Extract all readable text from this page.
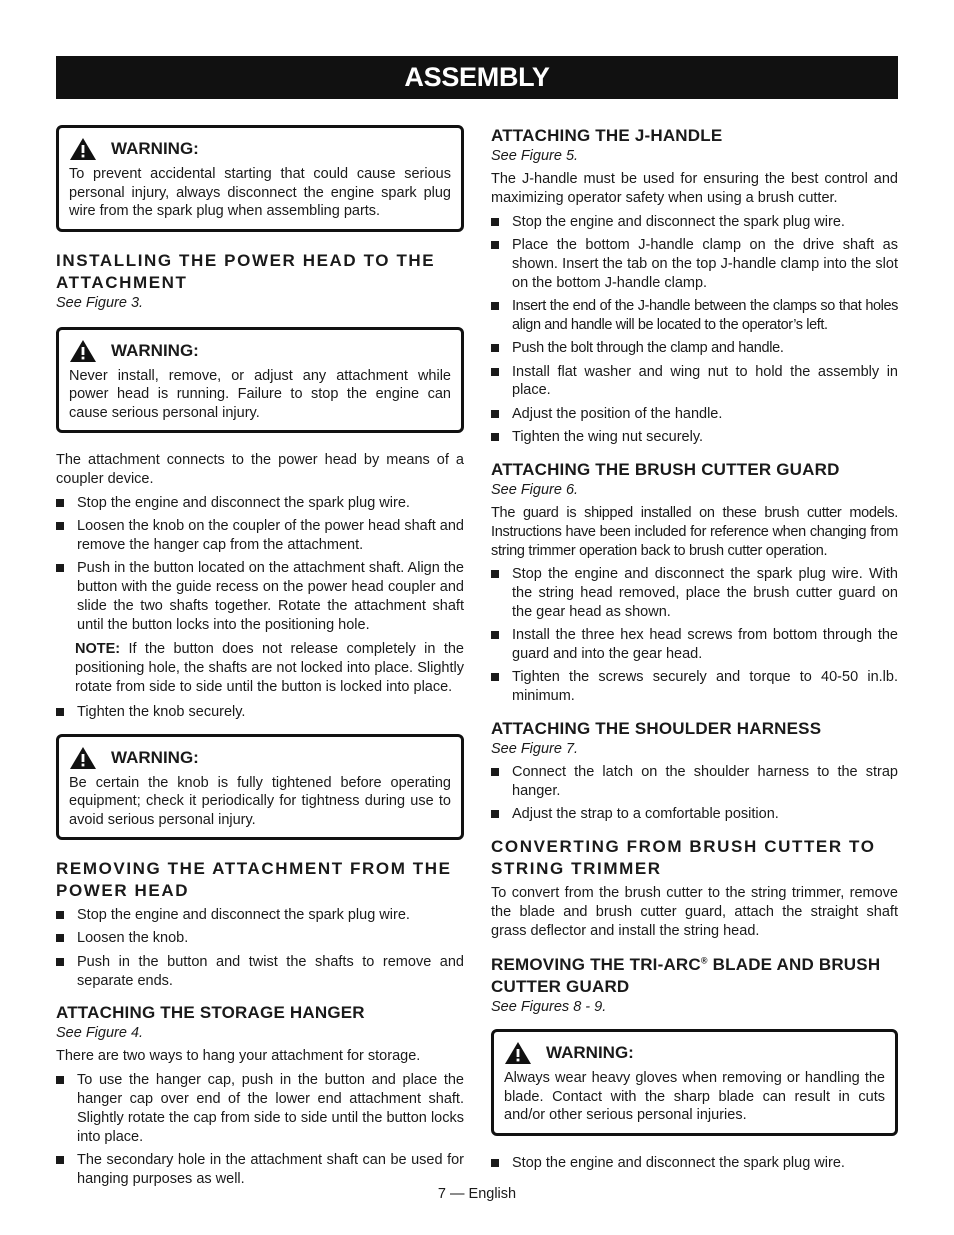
ASSEMBLY
WARNING:
To prevent accidental starting that could cause serious personal injury, always disconnect the engine spark plug wire from the spark plug when assembling parts.
INSTALLING THE POWER HEAD TO THE ATTACHMENT
See Figure 3.
WARNING:
Never install, remove, or adjust any attachment while power head is running. Failure to stop the engine can cause serious personal injury.

The attachment connects to the power head by means of a coupler device.

Stop the engine and disconnect the spark plug wire.
Loosen the knob on the coupler of the power head shaft and remove the hanger cap from the attachment.
Push in the button located on the attachment shaft. Align the button with the guide recess on the power head coupler and slide the two shafts together. Rotate the attachment shaft until the button locks into the positioning hole.
NOTE: If the button does not release completely in the positioning hole, the shafts are not locked into place. Slightly rotate from side to side until the button is locked into place.
Tighten the knob securely.
WARNING:
Be certain the knob is fully tightened before operating equipment; check it periodically for tightness during use to avoid serious personal injury.
REMOVING THE ATTACHMENT FROM THE POWER HEAD
Stop the engine and disconnect the spark plug wire.
Loosen the knob.
Push in the button and twist the shafts to remove and separate ends.
ATTACHING THE STORAGE HANGER
See Figure 4.

There are two ways to hang your attachment for storage.

To use the hanger cap, push in the button and place the hanger cap over end of the lower end attachment shaft. Slightly rotate the cap from side to side until the button locks into place.
The secondary hole in the attachment shaft can be used for hanging purposes as well.
ATTACHING THE J-HANDLE
See Figure 5.

The J-handle must be used for ensuring the best control and maximizing operator safety when using a brush cutter.

Stop the engine and disconnect the spark plug wire.
Place the bottom J-handle clamp on the drive shaft as shown. Insert the tab on the top J-handle clamp into the slot on the bottom J-handle clamp.
Insert the end of the J-handle between the clamps so that holes align and handle will be located to the operator’s left.
Push the bolt through the clamp and handle.
Install flat washer and wing nut to hold the assembly in place.
Adjust the position of the handle.
Tighten the wing nut securely.
ATTACHING THE BRUSH CUTTER GUARD
See Figure 6.

The guard is shipped installed on these brush cutter models. Instructions have been included for reference when changing from string trimmer operation back to brush cutter operation.

Stop the engine and disconnect the spark plug wire. With the string head removed, place the brush cutter guard on the gear head as shown.
Install the three hex head screws from bottom through the guard and into the gear head.
Tighten the screws securely and torque to 40-50 in.lb. minimum.
ATTACHING THE SHOULDER HARNESS
See Figure 7.
Connect the latch on the shoulder harness to the strap hanger.
Adjust the strap to a comfortable position.
CONVERTING FROM BRUSH CUTTER TO STRING TRIMMER

To convert from the brush cutter to the string trimmer, remove the blade and brush cutter guard, attach the straight shaft grass deflector and install the string head.

REMOVING THE TRI-ARC® BLADE AND BRUSH CUTTER GUARD
See Figures 8 - 9.
WARNING:
Always wear heavy gloves when removing or handling the blade. Contact with the sharp blade can result in cuts and/or other serious personal injuries.
Stop the engine and disconnect the spark plug wire.
7 — English
